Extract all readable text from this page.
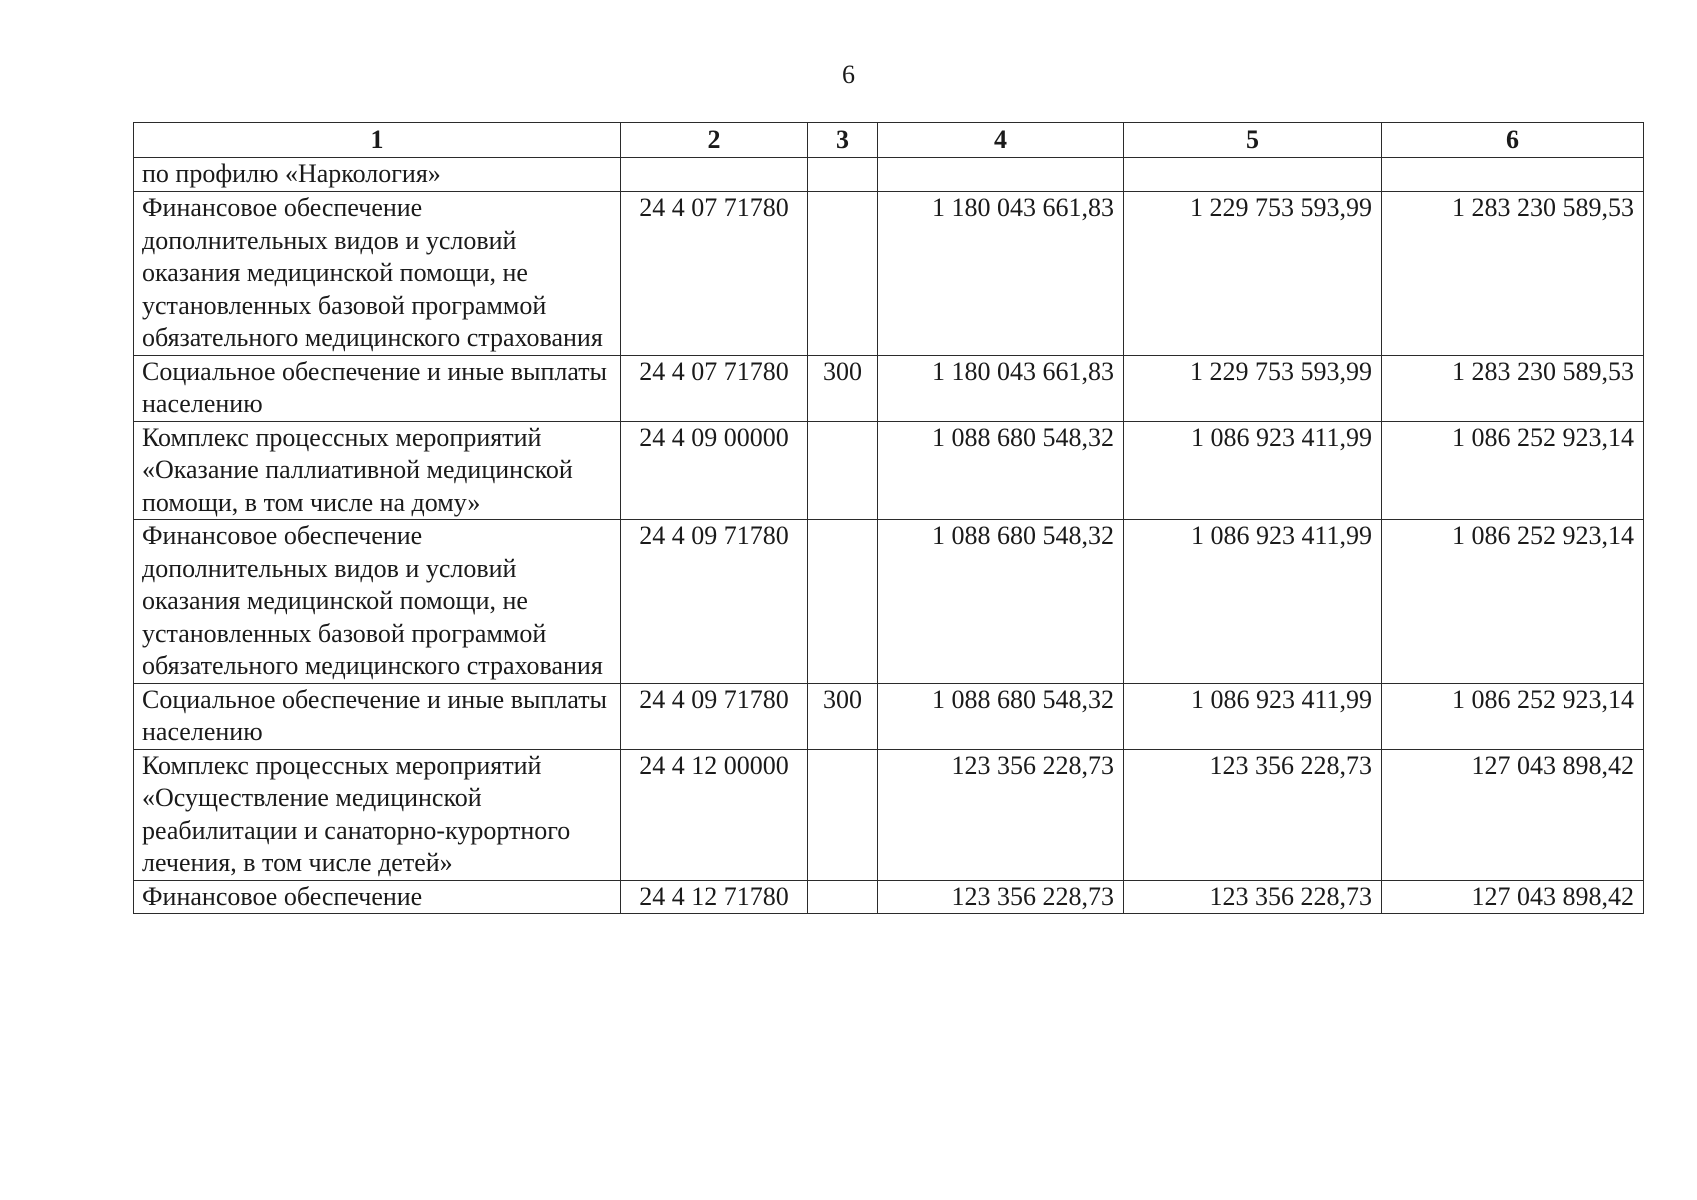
6
1	2	3	4	5	6
по профилю «Наркология»					
Финансовое обеспечение дополнительных видов и условий оказания медицинской помощи, не установленных базовой программой обязательного медицинского страхования	24 4 07 71780		1 180 043 661,83	1 229 753 593,99	1 283 230 589,53
Социальное обеспечение и иные выплаты населению	24 4 07 71780	300	1 180 043 661,83	1 229 753 593,99	1 283 230 589,53
Комплекс процессных мероприятий «Оказание паллиативной медицинской помощи, в том числе на дому»	24 4 09 00000		1 088 680 548,32	1 086 923 411,99	1 086 252 923,14
Финансовое обеспечение дополнительных видов и условий оказания медицинской помощи, не установленных базовой программой обязательного медицинского страхования	24 4 09 71780		1 088 680 548,32	1 086 923 411,99	1 086 252 923,14
Социальное обеспечение и иные выплаты населению	24 4 09 71780	300	1 088 680 548,32	1 086 923 411,99	1 086 252 923,14
Комплекс процессных мероприятий «Осуществление медицинской реабилитации и санаторно-курортного лечения, в том числе детей»	24 4 12 00000		123 356 228,73	123 356 228,73	127 043 898,42
Финансовое обеспечение	24 4 12 71780		123 356 228,73	123 356 228,73	127 043 898,42
